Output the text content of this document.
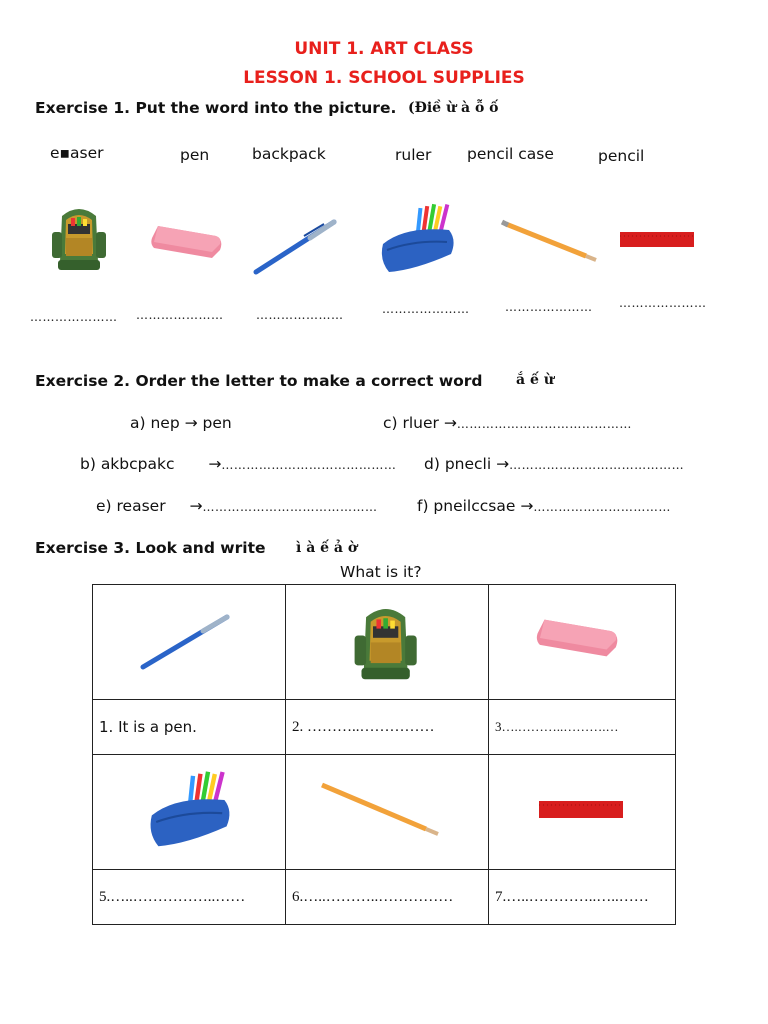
UNIT 1. ART CLASS
LESSON 1. SCHOOL SUPPLIES
Exercise 1. Put the word into the picture. (Điề ừ à ỗ ố
e▪aser	pen	backpack	ruler pencil case	pencil
………………… …………………	…………………	…………………	………………… …………………
Exercise 2. Order the letter to make a correct word ắ ế ừ
a) nep → pen	c) rluer →……………………………………
b) akbcpakc →…………………………………… d) pnecli →……………………………………
e) reaser →……………………………………	f) pneilccsae →……………………………
Exercise 3. Look and write ì à ế ả ờ
What is it?

1. It is a pen.	2. ………..……………	3….………..……….…

5.…..……………..……	6.…..………..……………	7.…..…………..…..……
